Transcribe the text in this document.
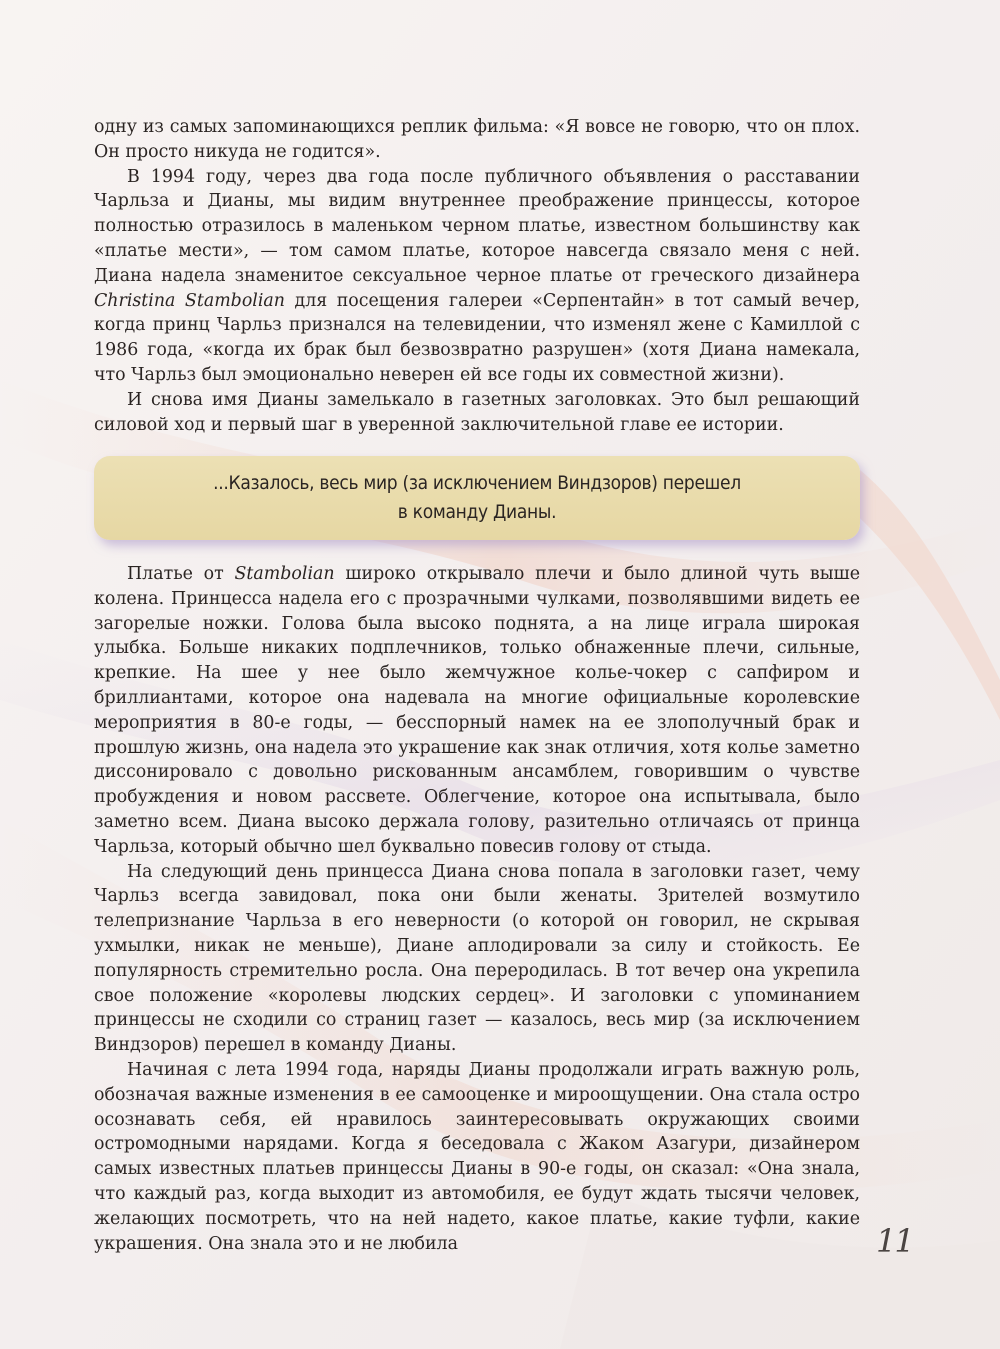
одну из самых запоминающихся реплик фильма: «Я вовсе не говорю, что он плох. Он просто никуда не годится».

В 1994 году, через два года после публичного объявления о расставании Чарльза и Дианы, мы видим внутреннее преображение принцессы, которое полностью отразилось в маленьком черном платье, известном большинству как «платье мести», — том самом платье, которое навсегда связало меня с ней. Диана надела знаменитое сексуальное черное платье от греческого дизайнера Christina Stambolian для посещения галереи «Серпентайн» в тот самый вечер, когда принц Чарльз признался на телевидении, что изменял жене с Камиллой с 1986 года, «когда их брак был безвозвратно разрушен» (хотя Диана намекала, что Чарльз был эмоционально неверен ей все годы их совместной жизни).

И снова имя Дианы замелькало в газетных заголовках. Это был решающий силовой ход и первый шаг в уверенной заключительной главе ее истории.

...Казалось, весь мир (за исключением Виндзоров) перешел
в команду Дианы.

Платье от Stambolian широко открывало плечи и было длиной чуть выше колена. Принцесса надела его с прозрачными чулками, позволявшими видеть ее загорелые ножки. Голова была высоко поднята, а на лице играла широкая улыбка. Больше никаких подплечников, только обнаженные плечи, сильные, крепкие. На шее у нее было жемчужное колье-чокер с сапфиром и бриллиантами, которое она надевала на многие официальные королевские мероприятия в 80-е годы, — бесспорный намек на ее злополучный брак и прошлую жизнь, она надела это украшение как знак отличия, хотя колье заметно диссонировало с довольно рискованным ансамблем, говорившим о чувстве пробуждения и новом рассвете. Облегчение, которое она испытывала, было заметно всем. Диана высоко держала голову, разительно отличаясь от принца Чарльза, который обычно шел буквально повесив голову от стыда.

На следующий день принцесса Диана снова попала в заголовки газет, чему Чарльз всегда завидовал, пока они были женаты. Зрителей возмутило телепризнание Чарльза в его неверности (о которой он говорил, не скрывая ухмылки, никак не меньше), Диане аплодировали за силу и стойкость. Ее популярность стремительно росла. Она переродилась. В тот вечер она укрепила свое положение «королевы людских сердец». И заголовки с упоминанием принцессы не сходили со страниц газет — казалось, весь мир (за исключением Виндзоров) перешел в команду Дианы.

Начиная с лета 1994 года, наряды Дианы продолжали играть важную роль, обозначая важные изменения в ее самооценке и мироощущении. Она стала остро осознавать себя, ей нравилось заинтересовывать окружающих своими остромодными нарядами. Когда я беседовала с Жаком Азагури, дизайнером самых известных платьев принцессы Дианы в 90-е годы, он сказал: «Она знала, что каждый раз, когда выходит из автомобиля, ее будут ждать тысячи человек, желающих посмотреть, что на ней надето, какое платье, какие туфли, какие украшения. Она знала это и не любила	11
